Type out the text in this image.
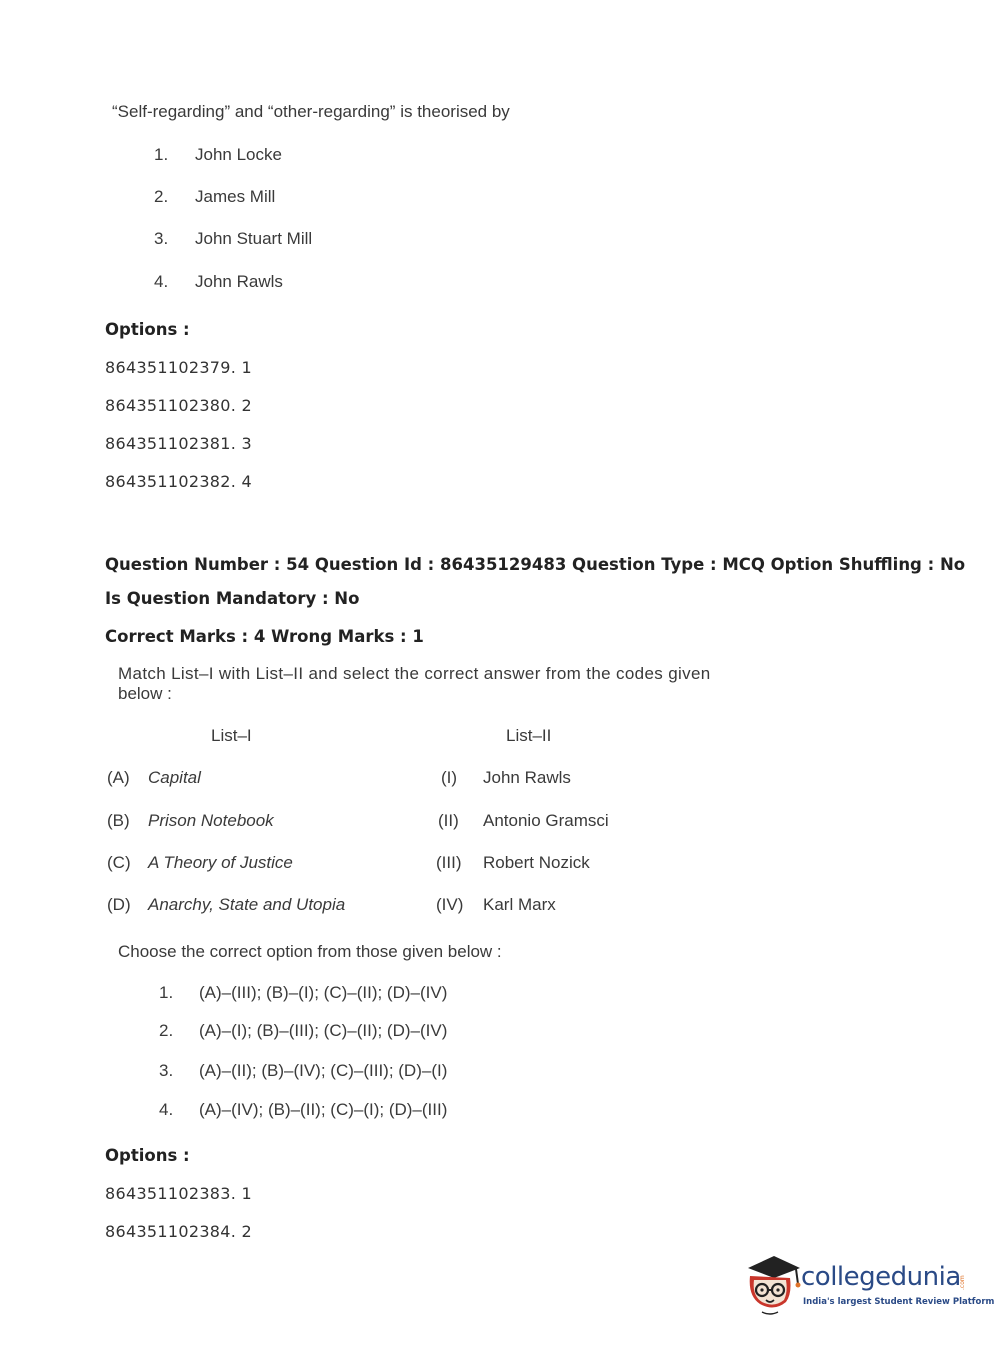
“Self-regarding” and “other-regarding” is theorised by
1. John Locke
2. James Mill
3. John Stuart Mill
4. John Rawls
Options :
864351102379. 1
864351102380. 2
864351102381. 3
864351102382. 4
Question Number : 54 Question Id : 86435129483 Question Type : MCQ Option Shuffling : No
Is Question Mandatory : No
Correct Marks : 4 Wrong Marks : 1
Match List–I with List–II and select the correct answer from the codes given
below :
List–I	List–II
(A) Capital	(I) John Rawls
(B) Prison Notebook	(II) Antonio Gramsci
(C) A Theory of Justice	(III) Robert Nozick
(D) Anarchy, State and Utopia	(IV) Karl Marx
Choose the correct option from those given below :
1. (A)–(III); (B)–(I); (C)–(II); (D)–(IV)
2. (A)–(I); (B)–(III); (C)–(II); (D)–(IV)
3. (A)–(II); (B)–(IV); (C)–(III); (D)–(I)
4. (A)–(IV); (B)–(II); (C)–(I); (D)–(III)
Options :
864351102383. 1
864351102384. 2
collegedunia
.com
India's largest Student Review Platform
